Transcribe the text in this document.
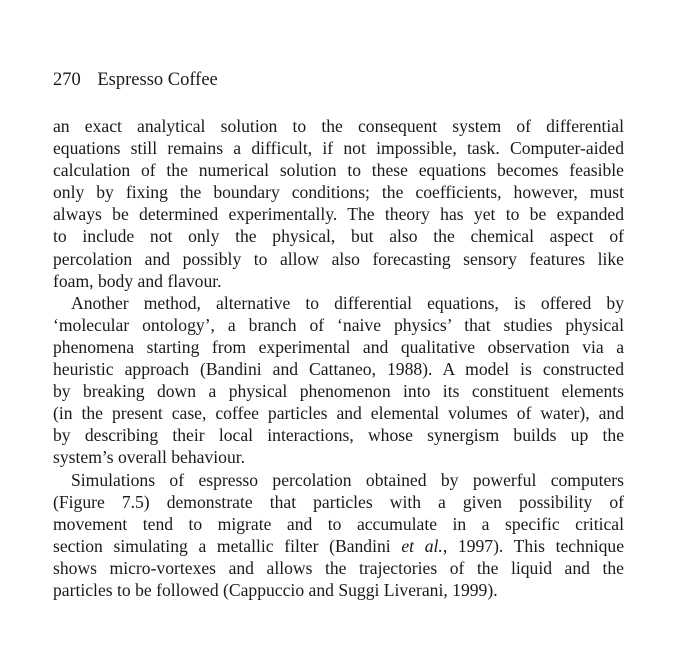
270 Espresso Coffee

an exact analytical solution to the consequent system of differential
equations still remains a difficult, if not impossible, task. Computer-aided
calculation of the numerical solution to these equations becomes feasible
only by fixing the boundary conditions; the coefficients, however, must
always be determined experimentally. The theory has yet to be expanded
to include not only the physical, but also the chemical aspect of
percolation and possibly to allow also forecasting sensory features like
foam, body and flavour.

Another method, alternative to differential equations, is offered by
‘molecular ontology’, a branch of ‘naive physics’ that studies physical
phenomena starting from experimental and qualitative observation via a
heuristic approach (Bandini and Cattaneo, 1988). A model is constructed
by breaking down a physical phenomenon into its constituent elements
(in the present case, coffee particles and elemental volumes of water), and
by describing their local interactions, whose synergism builds up the
system’s overall behaviour.

Simulations of espresso percolation obtained by powerful computers
(Figure 7.5) demonstrate that particles with a given possibility of
movement tend to migrate and to accumulate in a specific critical
section simulating a metallic filter (Bandini et al., 1997). This technique
shows micro-vortexes and allows the trajectories of the liquid and the
particles to be followed (Cappuccio and Suggi Liverani, 1999).
